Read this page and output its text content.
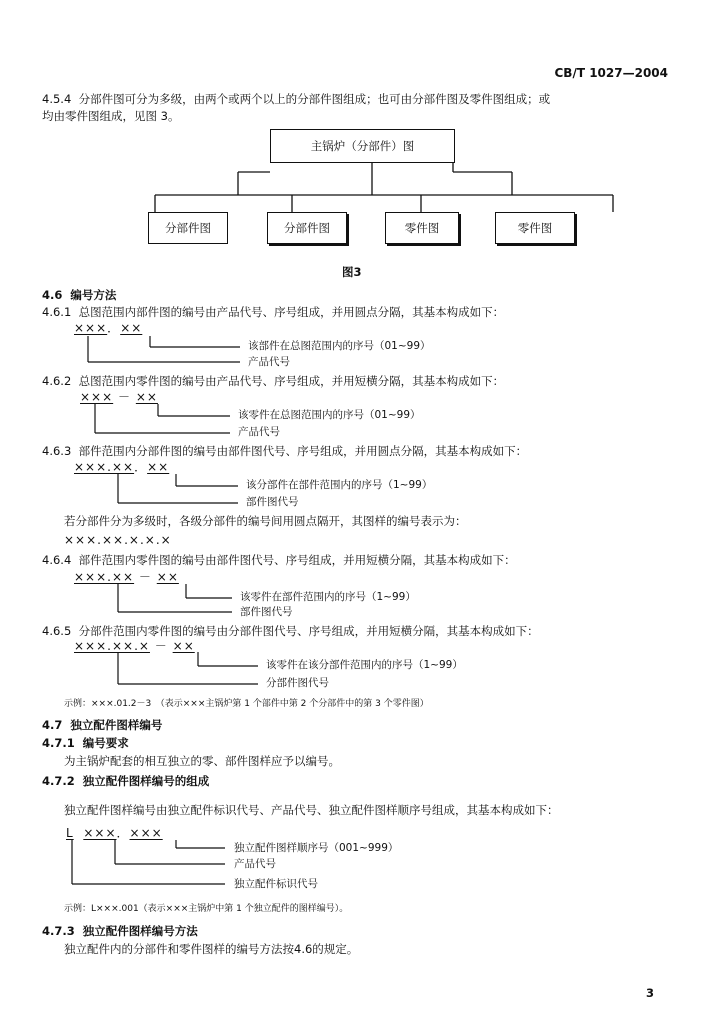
CB/T 1027—2004
4.5.4 分部件图可分为多级，由两个或两个以上的分部件图组成；也可由分部件图及零件图组成；或
均由零件图组成，见图 3。
主锅炉（分部件）图
分部件图	分部件图	零件图	零件图
图3
4.6 编号方法
4.6.1 总图范围内部件图的编号由产品代号、序号组成，并用圆点分隔，其基本构成如下：
×××．××
该部件在总图范围内的序号（01~99）
产品代号
4.6.2 总图范围内零件图的编号由产品代号、序号组成，并用短横分隔，其基本构成如下：
××× － ××
该零件在总图范围内的序号（01~99）
产品代号
4.6.3 部件范围内分部件图的编号由部件图代号、序号组成，并用圆点分隔，其基本构成如下：
×××.××．××
该分部件在部件范围内的序号（1~99）
部件图代号
若分部件分为多级时，各级分部件的编号间用圆点隔开，其图样的编号表示为：
×××.××.×.×.×
4.6.4 部件范围内零件图的编号由部件图代号、序号组成，并用短横分隔，其基本构成如下：
×××.×× － ××
该零件在部件范围内的序号（1~99）
部件图代号
4.6.5 分部件范围内零件图的编号由分部件图代号、序号组成，并用短横分隔，其基本构成如下：
×××.××.× － ××
该零件在该分部件范围内的序号（1~99）
分部件图代号
示例：×××.01.2－3　（表示×××主锅炉第 1 个部件中第 2 个分部件中的第 3 个零件图）
4.7 独立配件图样编号
4.7.1 编号要求
为主锅炉配套的相互独立的零、部件图样应予以编号。
4.7.2 独立配件图样编号的组成
独立配件图样编号由独立配件标识代号、产品代号、独立配件图样顺序号组成，其基本构成如下：
L ×××．×××
独立配件图样顺序号（001~999）
产品代号
独立配件标识代号
示例：L×××.001（表示×××主锅炉中第 1 个独立配件的图样编号）。
4.7.3 独立配件图样编号方法
独立配件内的分部件和零件图样的编号方法按4.6的规定。
3
